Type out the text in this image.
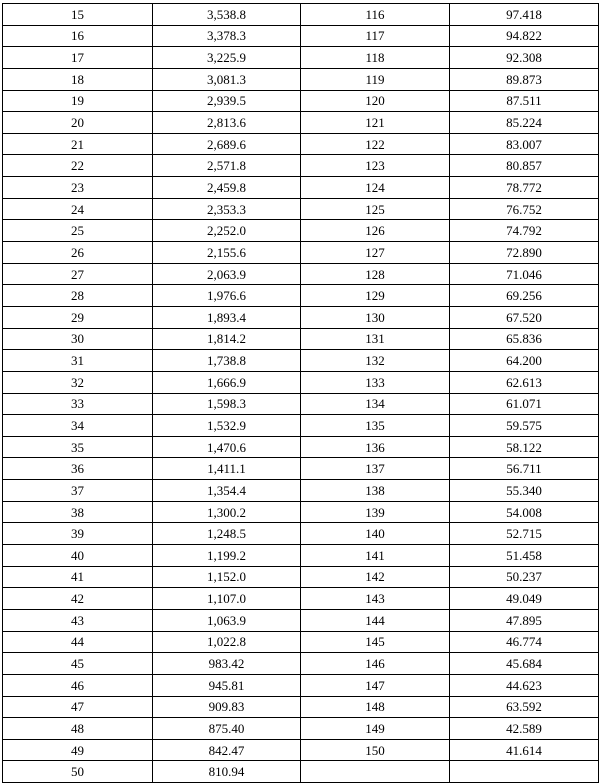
15	3,538.8	116	97.418
16	3,378.3	117	94.822
17	3,225.9	118	92.308
18	3,081.3	119	89.873
19	2,939.5	120	87.511
20	2,813.6	121	85.224
21	2,689.6	122	83.007
22	2,571.8	123	80.857
23	2,459.8	124	78.772
24	2,353.3	125	76.752
25	2,252.0	126	74.792
26	2,155.6	127	72.890
27	2,063.9	128	71.046
28	1,976.6	129	69.256
29	1,893.4	130	67.520
30	1,814.2	131	65.836
31	1,738.8	132	64.200
32	1,666.9	133	62.613
33	1,598.3	134	61.071
34	1,532.9	135	59.575
35	1,470.6	136	58.122
36	1,411.1	137	56.711
37	1,354.4	138	55.340
38	1,300.2	139	54.008
39	1,248.5	140	52.715
40	1,199.2	141	51.458
41	1,152.0	142	50.237
42	1,107.0	143	49.049
43	1,063.9	144	47.895
44	1,022.8	145	46.774
45	983.42	146	45.684
46	945.81	147	44.623
47	909.83	148	63.592
48	875.40	149	42.589
49	842.47	150	41.614
50	810.94		
